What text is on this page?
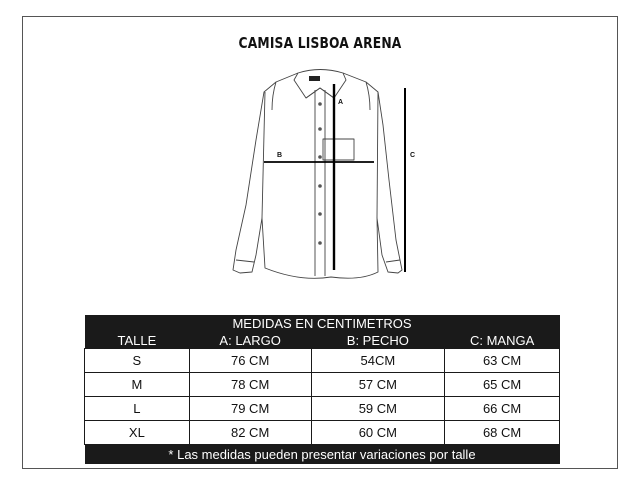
CAMISA LISBOA ARENA
A
B	C
MEDIDAS EN CENTIMETROS			
TALLE	A: LARGO	B: PECHO	C: MANGA
S	76 CM	54CM	63 CM
M	78 CM	57 CM	65 CM
L	79 CM	59 CM	66 CM
XL	82 CM	60 CM	68 CM
* Las medidas pueden presentar variaciones por talle			
